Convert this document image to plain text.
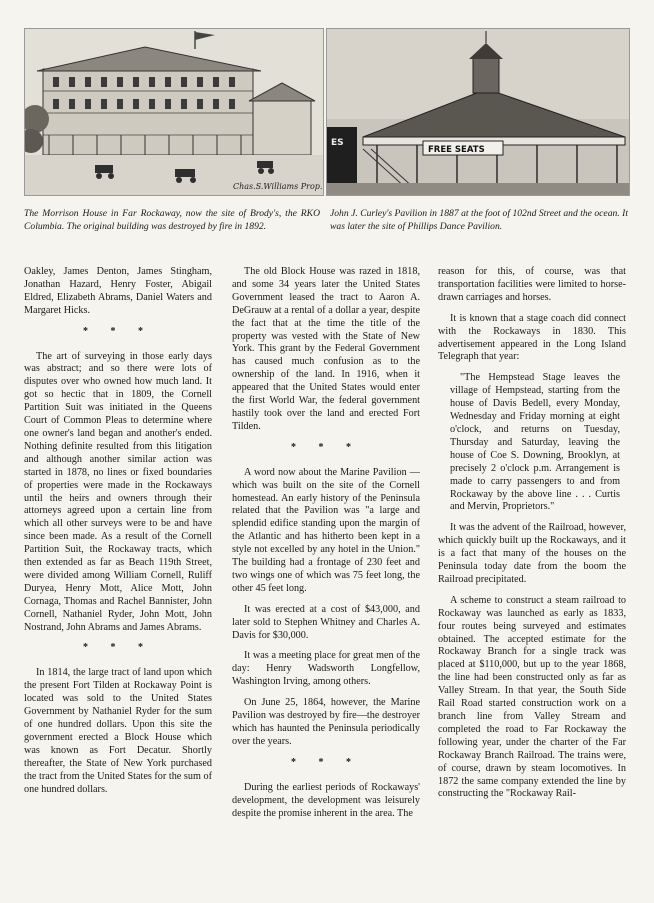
Chas.S.Williams Prop.
ES
FREE SEATS

The Morrison House in Far Rockaway, now the site of Brody's, the RKO Columbia. The original building was destroyed by fire in 1892.

John J. Curley's Pavilion in 1887 at the foot of 102nd Street and the ocean. It was later the site of Phillips Dance Pavilion.

Oakley, James Denton, James Stingham, Jonathan Hazard, Henry Foster, Abigail Eldred, Elizabeth Abrams, Daniel Waters and Margaret Hicks.

* * *

The art of surveying in those early days was abstract; and so there were lots of disputes over who owned how much land. It got so hectic that in 1809, the Cornell Partition Suit was initiated in the Queens Court of Common Pleas to determine where one owner's land began and another's ended. Nothing definite resulted from this litigation and although another similar action was started in 1878, no lines or fixed boundaries of properties were made in the Rockaways until the heirs and owners through their attorneys agreed upon a certain line from which all other surveys were to be and have since been made. As a result of the Cornell Partition Suit, the Rockaway tracts, which then extended as far as Beach 119th Street, were divided among William Cornell, Ruliff Duryea, Henry Mott, Alice Mott, John Cornaga, Thomas and Rachel Bannister, John Cornell, Nathaniel Ryder, John Mott, John Nostrand, John Abrams and James Abrams.

* * *

In 1814, the large tract of land upon which the present Fort Tilden at Rockaway Point is located was sold to the United States Government by Nathaniel Ryder for the sum of one hundred dollars. Upon this site the government erected a Block House which was known as Fort Decatur. Shortly thereafter, the State of New York purchased the tract from the United States for the sum of one hundred dollars.

The old Block House was razed in 1818, and some 34 years later the United States Government leased the tract to Aaron A. DeGrauw at a rental of a dollar a year, despite the fact that at the time the title of the property was vested with the State of New York. This grant by the Federal Government has caused much confusion as to the ownership of the land. In 1916, when it appeared that the United States would enter the first World War, the federal government hastily took over the land and erected Fort Tilden.

* * *

A word now about the Marine Pavilion — which was built on the site of the Cornell homestead. An early history of the Peninsula related that the Pavilion was "a large and splendid edifice standing upon the margin of the Atlantic and has hitherto been kept in a style not excelled by any hotel in the Union." The building had a frontage of 230 feet and two wings one of which was 75 feet long, the other 45 feet long.

It was erected at a cost of $43,000, and later sold to Stephen Whitney and Charles A. Davis for $30,000.

It was a meeting place for great men of the day: Henry Wadsworth Longfellow, Washington Irving, among others.

On June 25, 1864, however, the Marine Pavilion was destroyed by fire—the destroyer which has haunted the Peninsula periodically over the years.

* * *

During the earliest periods of Rockaways' development, the development was leisurely despite the promise inherent in the area. The

reason for this, of course, was that transportation facilities were limited to horse-drawn carriages and horses.

It is known that a stage coach did connect with the Rockaways in 1830. This advertisement appeared in the Long Island Telegraph that year:

"The Hempstead Stage leaves the village of Hempstead, starting from the house of Davis Bedell, every Monday, Wednesday and Friday morning at eight o'clock, and returns on Tuesday, Thursday and Saturday, leaving the house of Coe S. Downing, Brooklyn, at precisely 2 o'clock p.m. Arrangement is made to carry passengers to and from Rockaway by the above line . . . Curtis and Mervin, Proprietors."

It was the advent of the Railroad, however, which quickly built up the Rockaways, and it is a fact that many of the houses on the Peninsula today date from the boom the Railroad precipitated.

A scheme to construct a steam railroad to Rockaway was launched as early as 1833, four routes being surveyed and estimates obtained. The accepted estimate for the Rockaway Branch for a single track was placed at $110,000, but up to the year 1868, the line had been constructed only as far as Valley Stream. In that year, the South Side Rail Road started construction work on a branch line from Valley Stream and completed the road to Far Rockaway the following year, under the charter of the Far Rockaway Branch Railroad. The trains were, of course, drawn by steam locomotives. In 1872 the same company extended the line by constructing the "Rockaway Rail-
